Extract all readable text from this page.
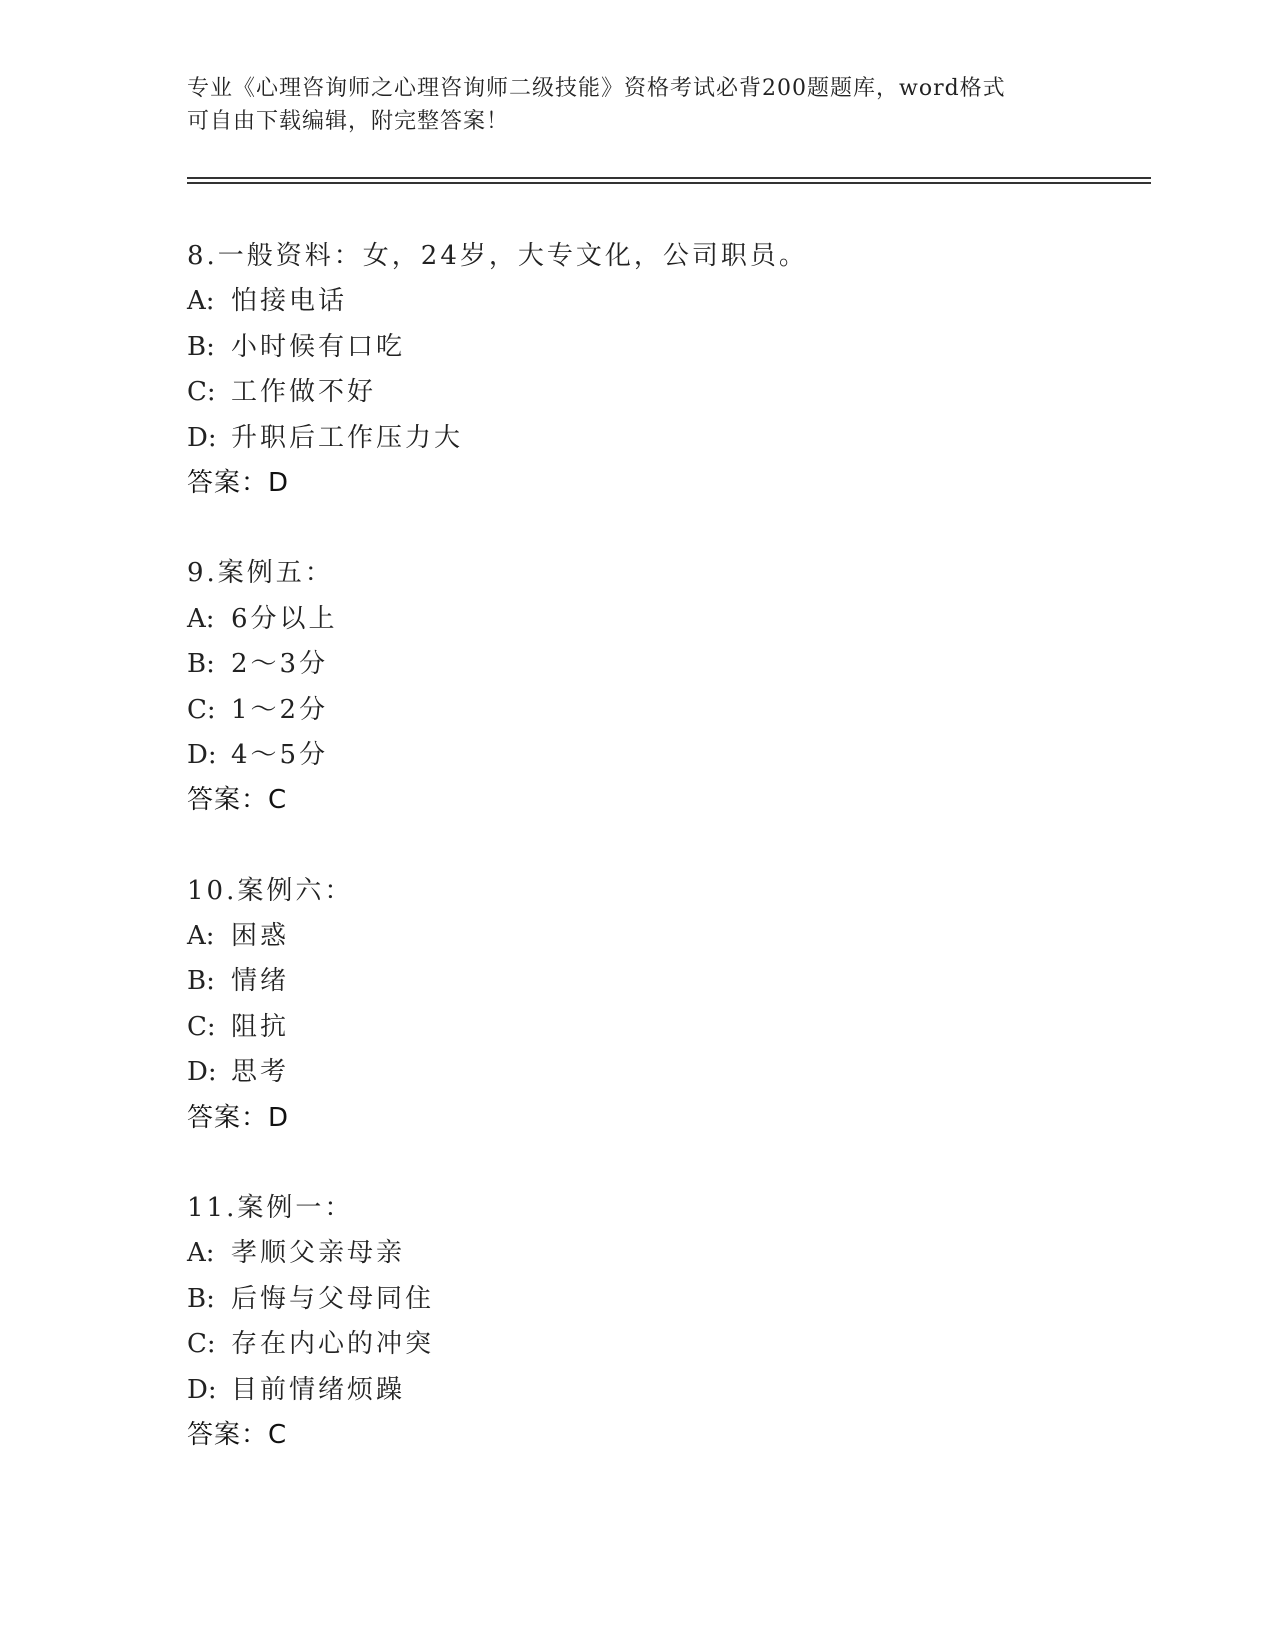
专业《心理咨询师之心理咨询师二级技能》资格考试必背200题题库，word格式
可自由下载编辑，附完整答案！
8.一般资料：女，24岁，大专文化，公司职员。
A: 怕接电话
B: 小时候有口吃
C: 工作做不好
D: 升职后工作压力大
答案：D
9.案例五：
A: 6分以上
B: 2～3分
C: 1～2分
D: 4～5分
答案：C
10.案例六：
A: 困惑
B: 情绪
C: 阻抗
D: 思考
答案：D
11.案例一：
A: 孝顺父亲母亲
B: 后悔与父母同住
C: 存在内心的冲突
D: 目前情绪烦躁
答案：C
